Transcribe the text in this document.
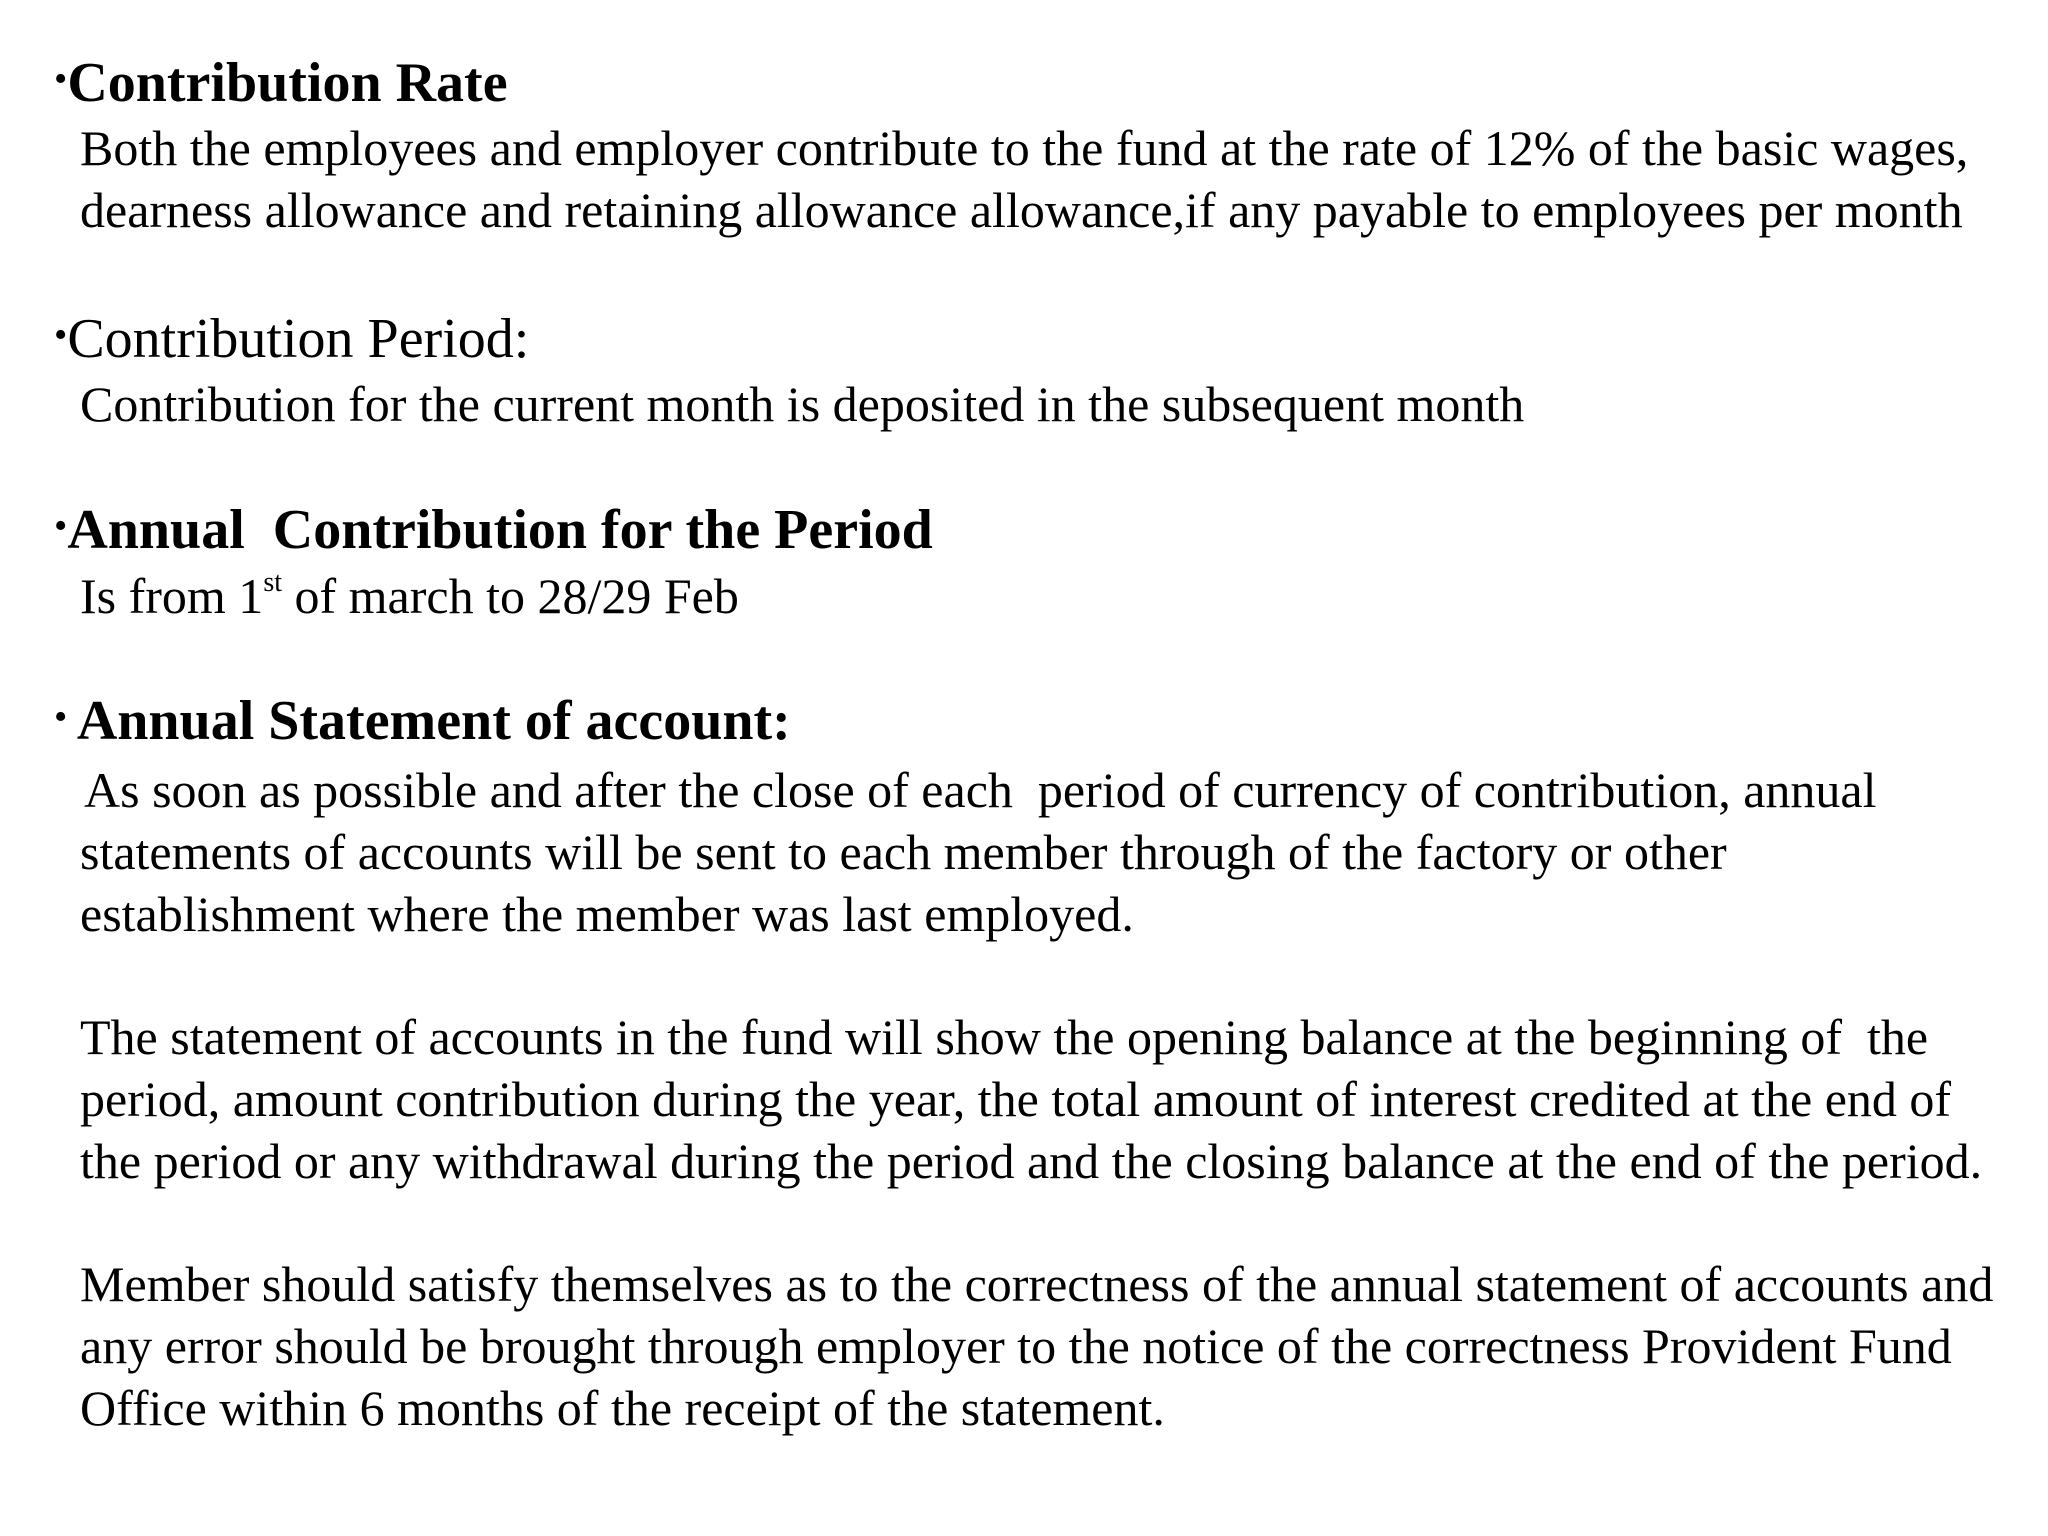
•Contribution Rate
Both the employees and employer contribute to the fund at the rate of 12% of the basic wages,
dearness allowance and retaining allowance allowance,if any payable to employees per month
•Contribution Period:
Contribution for the current month is deposited in the subsequent month
•Annual  Contribution for the Period
Is from 1st of march to 28/29 Feb
• Annual Statement of account:
As soon as possible and after the close of each  period of currency of contribution, annual
statements of accounts will be sent to each member through of the factory or other
establishment where the member was last employed.
The statement of accounts in the fund will show the opening balance at the beginning of  the
period, amount contribution during the year, the total amount of interest credited at the end of
the period or any withdrawal during the period and the closing balance at the end of the period.
Member should satisfy themselves as to the correctness of the annual statement of accounts and
any error should be brought through employer to the notice of the correctness Provident Fund
Office within 6 months of the receipt of the statement.
